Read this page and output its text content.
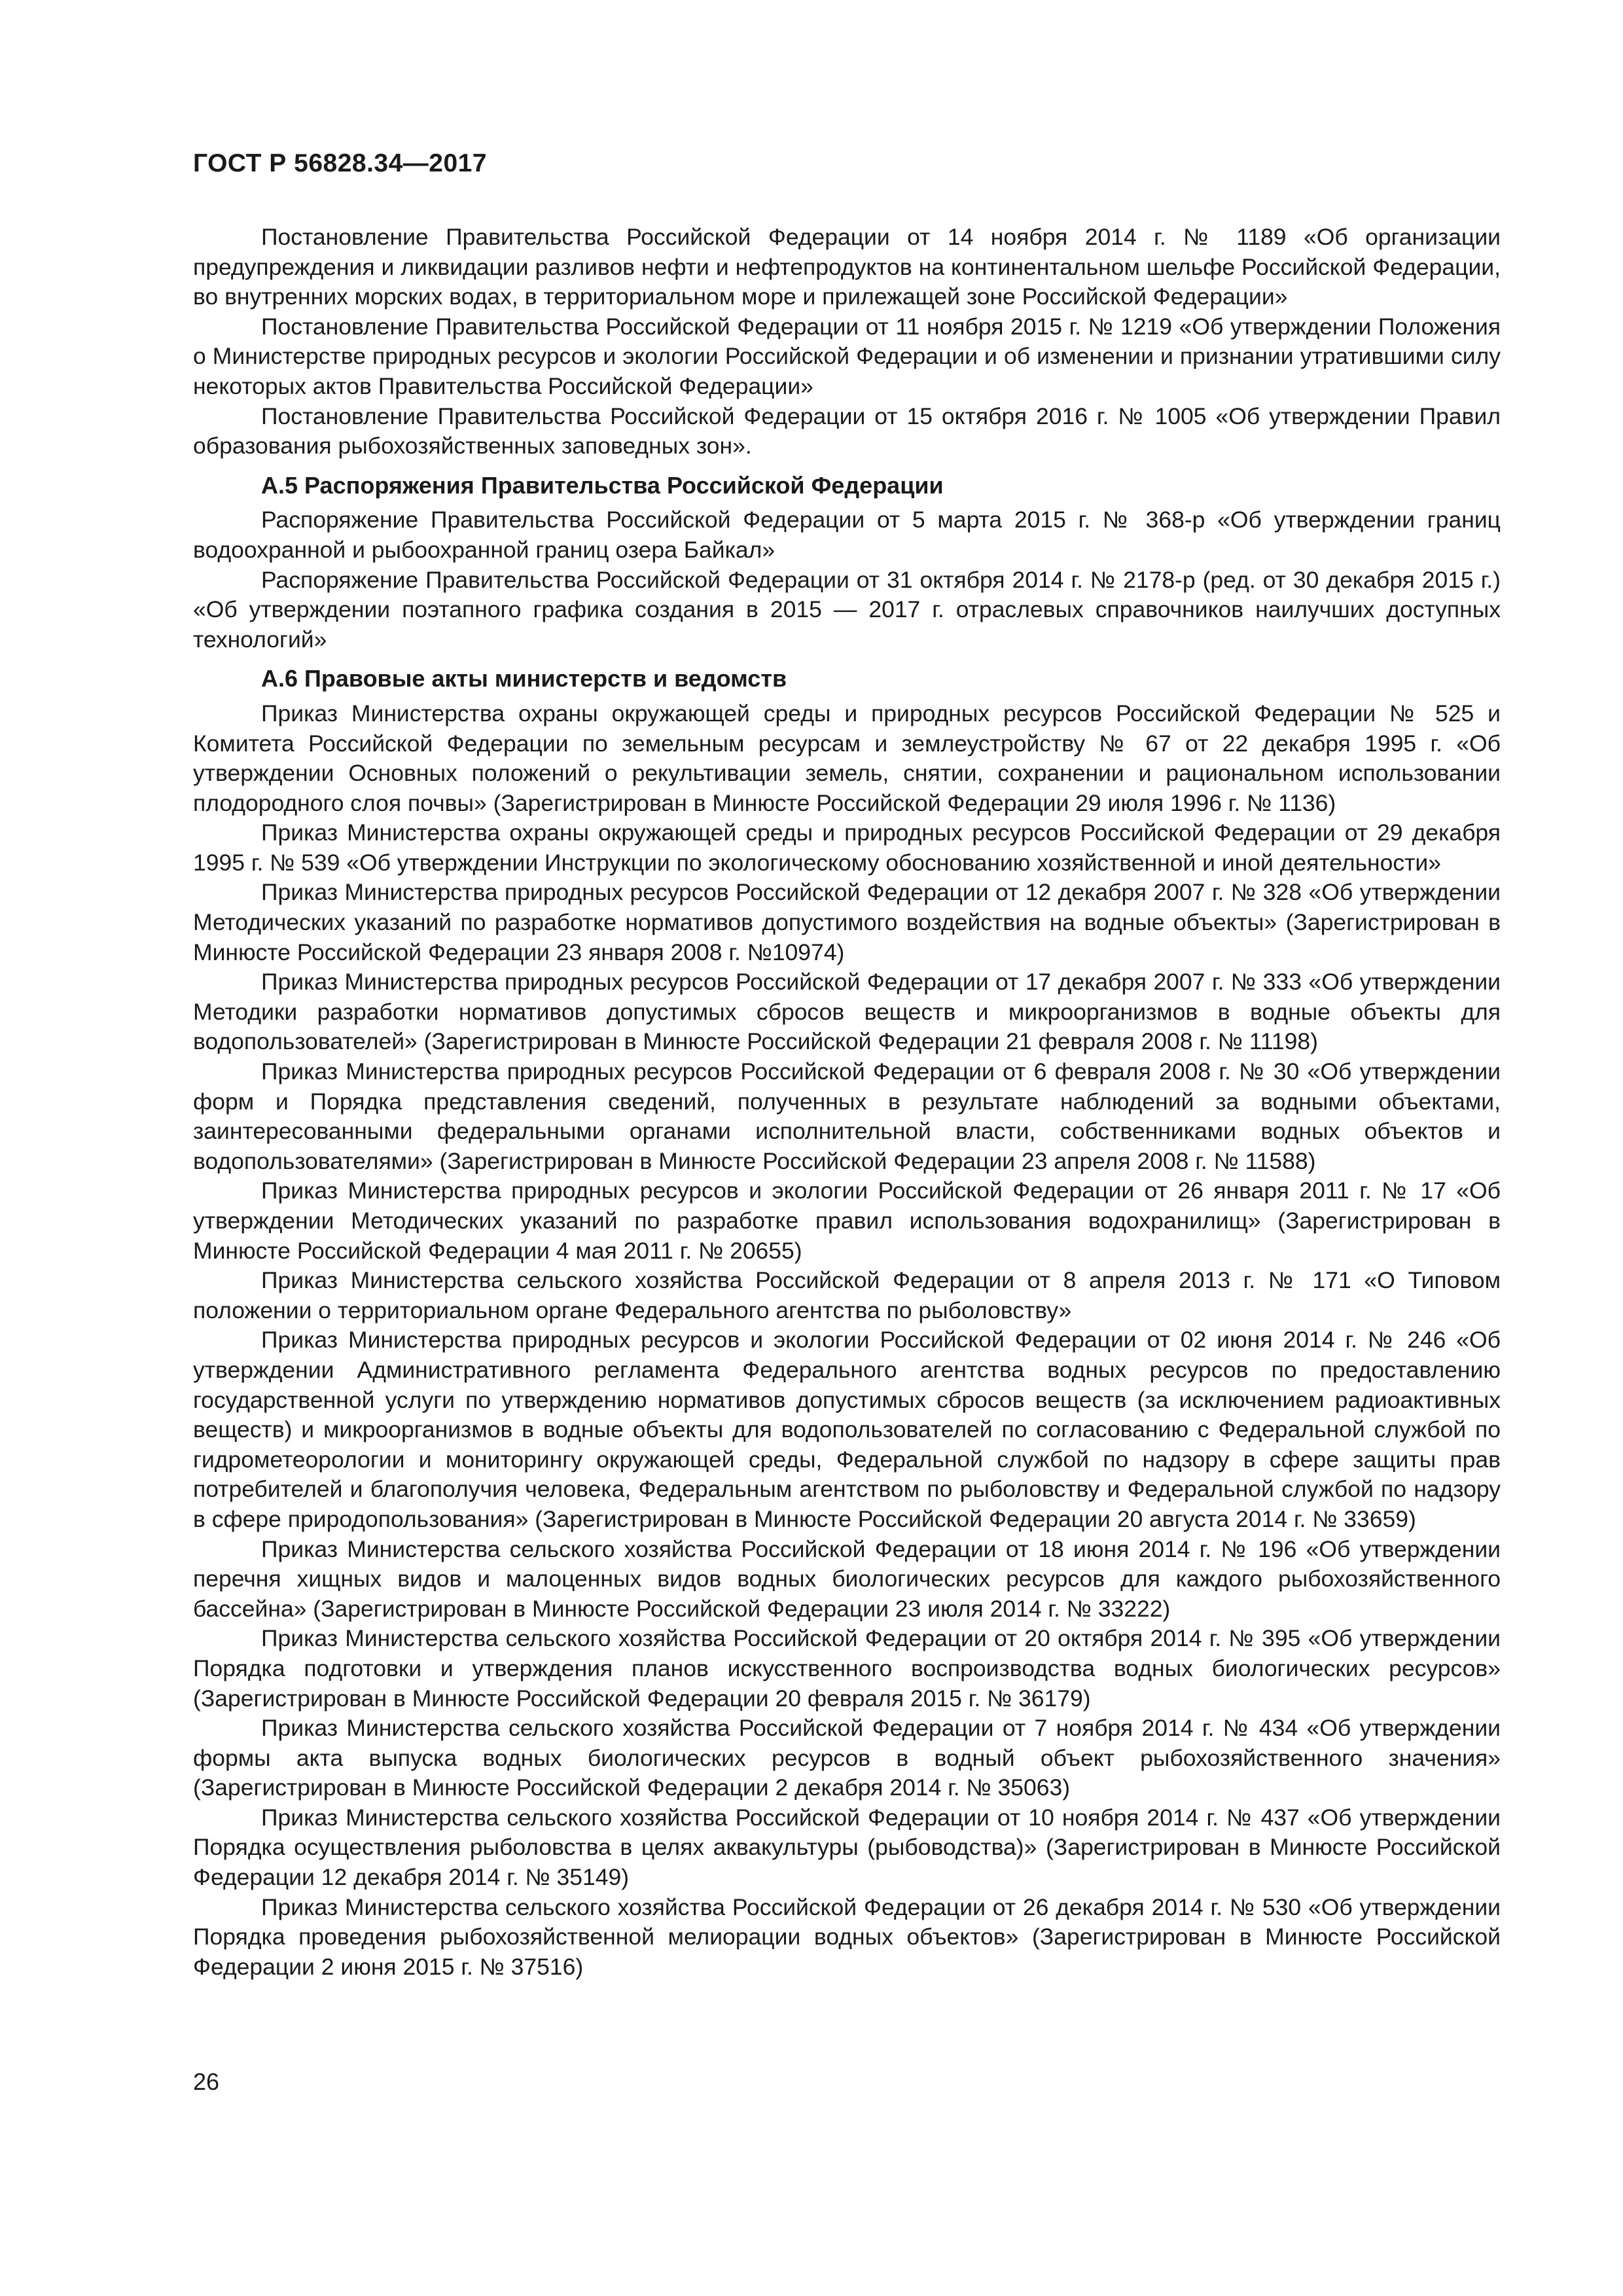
ГОСТ Р 56828.34—2017

Постановление Правительства Российской Федерации от 14 ноября 2014 г. № 1189 «Об организации предупреждения и ликвидации разливов нефти и нефтепродуктов на континентальном шельфе Российской Федерации, во внутренних морских водах, в территориальном море и прилежащей зоне Российской Федерации»

Постановление Правительства Российской Федерации от 11 ноября 2015 г. № 1219 «Об утверждении Положения о Министерстве природных ресурсов и экологии Российской Федерации и об изменении и признании утратившими силу некоторых актов Правительства Российской Федерации»

Постановление Правительства Российской Федерации от 15 октября 2016 г. № 1005 «Об утверждении Правил образования рыбохозяйственных заповедных зон».

А.5 Распоряжения Правительства Российской Федерации

Распоряжение Правительства Российской Федерации от 5 марта 2015 г. № 368-р «Об утверждении границ водоохранной и рыбоохранной границ озера Байкал»

Распоряжение Правительства Российской Федерации от 31 октября 2014 г. № 2178-р (ред. от 30 декабря 2015 г.) «Об утверждении поэтапного графика создания в 2015 — 2017 г. отраслевых справочников наилучших доступных технологий»

А.6 Правовые акты министерств и ведомств

Приказ Министерства охраны окружающей среды и природных ресурсов Российской Федерации № 525 и Комитета Российской Федерации по земельным ресурсам и землеустройству № 67 от 22 декабря 1995 г. «Об утверждении Основных положений о рекультивации земель, снятии, сохранении и рациональном использовании плодородного слоя почвы» (Зарегистрирован в Минюсте Российской Федерации 29 июля 1996 г. № 1136)

Приказ Министерства охраны окружающей среды и природных ресурсов Российской Федерации от 29 декабря 1995 г. № 539 «Об утверждении Инструкции по экологическому обоснованию хозяйственной и иной деятельности»

Приказ Министерства природных ресурсов Российской Федерации от 12 декабря 2007 г. № 328 «Об утверждении Методических указаний по разработке нормативов допустимого воздействия на водные объекты» (Зарегистрирован в Минюсте Российской Федерации 23 января 2008 г. №10974)

Приказ Министерства природных ресурсов Российской Федерации от 17 декабря 2007 г. № 333 «Об утверждении Методики разработки нормативов допустимых сбросов веществ и микроорганизмов в водные объекты для водопользователей» (Зарегистрирован в Минюсте Российской Федерации 21 февраля 2008 г. № 11198)

Приказ Министерства природных ресурсов Российской Федерации от 6 февраля 2008 г. № 30 «Об утверждении форм и Порядка представления сведений, полученных в результате наблюдений за водными объектами, заинтересованными федеральными органами исполнительной власти, собственниками водных объектов и водопользователями» (Зарегистрирован в Минюсте Российской Федерации 23 апреля 2008 г. № 11588)

Приказ Министерства природных ресурсов и экологии Российской Федерации от 26 января 2011 г. № 17 «Об утверждении Методических указаний по разработке правил использования водохранилищ» (Зарегистрирован в Минюсте Российской Федерации 4 мая 2011 г. № 20655)

Приказ Министерства сельского хозяйства Российской Федерации от 8 апреля 2013 г. № 171 «О Типовом положении о территориальном органе Федерального агентства по рыболовству»

Приказ Министерства природных ресурсов и экологии Российской Федерации от 02 июня 2014 г. № 246 «Об утверждении Административного регламента Федерального агентства водных ресурсов по предоставлению государственной услуги по утверждению нормативов допустимых сбросов веществ (за исключением радиоактивных веществ) и микроорганизмов в водные объекты для водопользователей по согласованию с Федеральной службой по гидрометеорологии и мониторингу окружающей среды, Федеральной службой по надзору в сфере защиты прав потребителей и благополучия человека, Федеральным агентством по рыболовству и Федеральной службой по надзору в сфере природопользования» (Зарегистрирован в Минюсте Российской Федерации 20 августа 2014 г. № 33659)

Приказ Министерства сельского хозяйства Российской Федерации от 18 июня 2014 г. № 196 «Об утверждении перечня хищных видов и малоценных видов водных биологических ресурсов для каждого рыбохозяйственного бассейна» (Зарегистрирован в Минюсте Российской Федерации 23 июля 2014 г. № 33222)

Приказ Министерства сельского хозяйства Российской Федерации от 20 октября 2014 г. № 395 «Об утверждении Порядка подготовки и утверждения планов искусственного воспроизводства водных биологических ресурсов» (Зарегистрирован в Минюсте Российской Федерации 20 февраля 2015 г. № 36179)

Приказ Министерства сельского хозяйства Российской Федерации от 7 ноября 2014 г. № 434 «Об утверждении формы акта выпуска водных биологических ресурсов в водный объект рыбохозяйственного значения» (Зарегистрирован в Минюсте Российской Федерации 2 декабря 2014 г. № 35063)

Приказ Министерства сельского хозяйства Российской Федерации от 10 ноября 2014 г. № 437 «Об утверждении Порядка осуществления рыболовства в целях аквакультуры (рыбоводства)» (Зарегистрирован в Минюсте Российской Федерации 12 декабря 2014 г. № 35149)

Приказ Министерства сельского хозяйства Российской Федерации от 26 декабря 2014 г. № 530 «Об утверждении Порядка проведения рыбохозяйственной мелиорации водных объектов» (Зарегистрирован в Минюсте Российской Федерации 2 июня 2015 г. № 37516)

26
